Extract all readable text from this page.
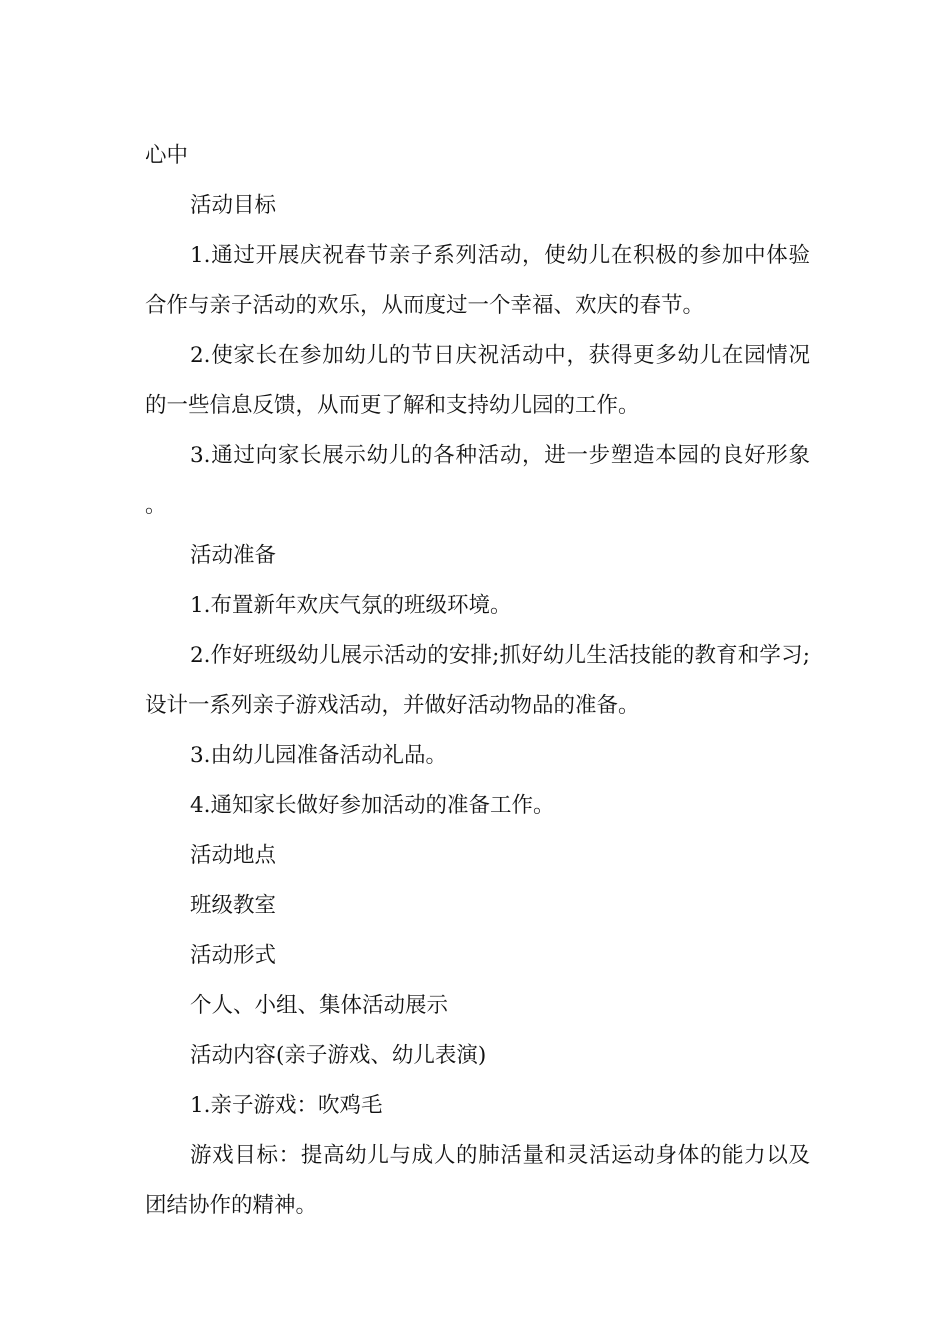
心中

活动目标

1.通过开展庆祝春节亲子系列活动，使幼儿在积极的参加中体验合作与亲子活动的欢乐，从而度过一个幸福、欢庆的春节。

2.使家长在参加幼儿的节日庆祝活动中，获得更多幼儿在园情况的一些信息反馈，从而更了解和支持幼儿园的工作。

3.通过向家长展示幼儿的各种活动，进一步塑造本园的良好形象。

活动准备

1.布置新年欢庆气氛的班级环境。

2.作好班级幼儿展示活动的安排;抓好幼儿生活技能的教育和学习;设计一系列亲子游戏活动，并做好活动物品的准备。

3.由幼儿园准备活动礼品。

4.通知家长做好参加活动的准备工作。

活动地点

班级教室

活动形式

个人、小组、集体活动展示

活动内容(亲子游戏、幼儿表演)

1.亲子游戏：吹鸡毛

游戏目标：提高幼儿与成人的肺活量和灵活运动身体的能力以及团结协作的精神。
